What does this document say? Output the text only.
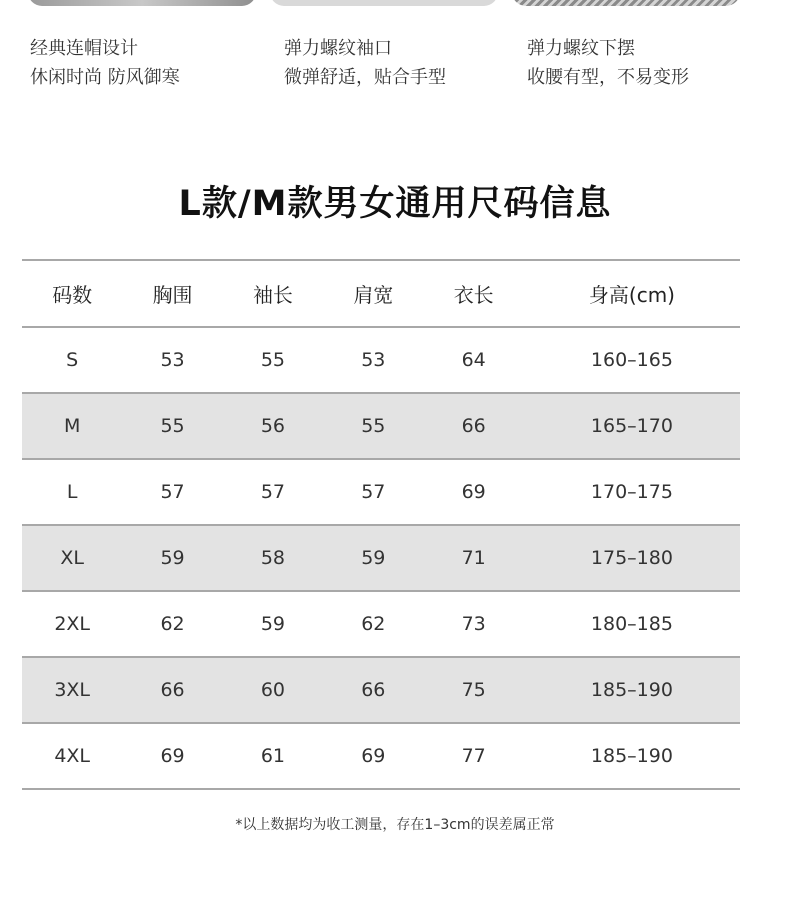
经典连帽设计
休闲时尚 防风御寒
弹力螺纹袖口
微弹舒适，贴合手型
弹力螺纹下摆
收腰有型，不易变形
L款/M款男女通用尺码信息
码数	胸围	袖长	肩宽	衣长	身高(cm)
S	53	55	53	64	160–165
M	55	56	55	66	165–170
L	57	57	57	69	170–175
XL	59	58	59	71	175–180
2XL	62	59	62	73	180–185
3XL	66	60	66	75	185–190
4XL	69	61	69	77	185–190
*以上数据均为收工测量，存在1–3cm的误差属正常
